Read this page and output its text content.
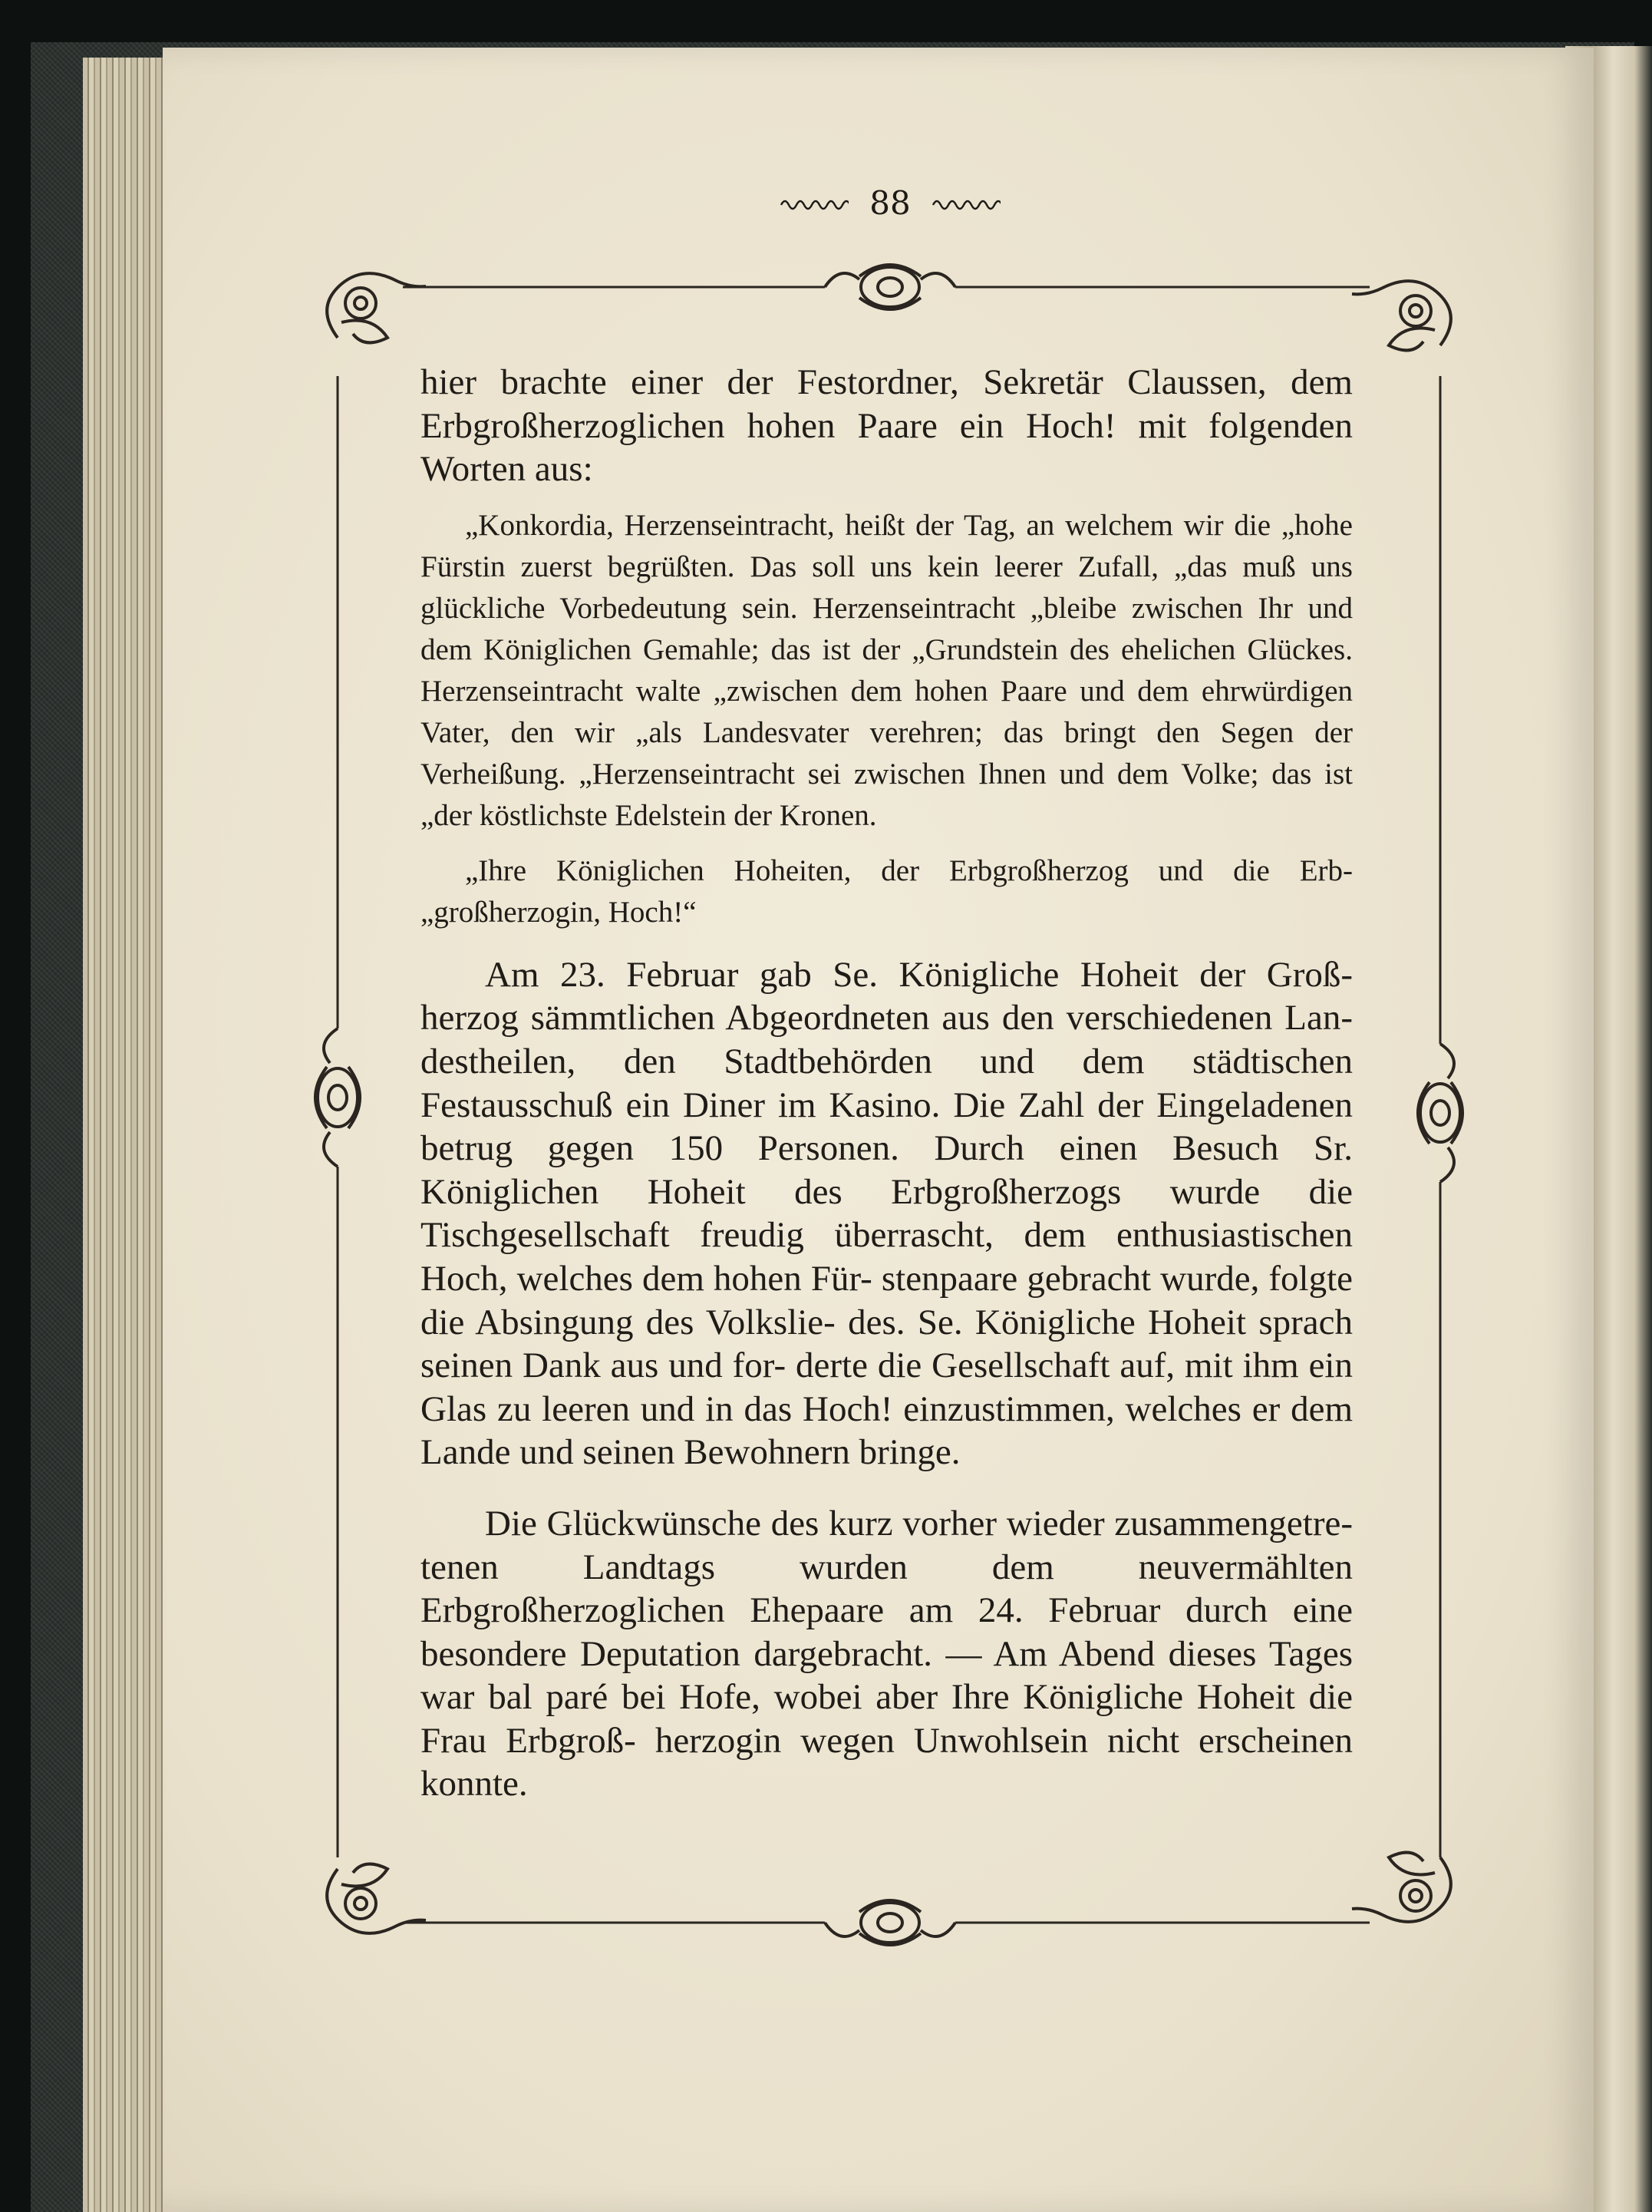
88

hier brachte einer der Festordner, Sekretär Claussen, dem Erbgroßherzoglichen hohen Paare ein Hoch! mit folgenden Worten aus:

„Konkordia, Herzenseintracht, heißt der Tag, an welchem wir die „hohe Fürstin zuerst begrüßten. Das soll uns kein leerer Zufall, „das muß uns glückliche Vorbedeutung sein. Herzenseintracht „bleibe zwischen Ihr und dem Königlichen Gemahle; das ist der „Grundstein des ehelichen Glückes. Herzenseintracht walte „zwischen dem hohen Paare und dem ehrwürdigen Vater, den wir „als Landesvater verehren; das bringt den Segen der Verheißung. „Herzenseintracht sei zwischen Ihnen und dem Volke; das ist „der köstlichste Edelstein der Kronen.

„Ihre Königlichen Hoheiten, der Erbgroßherzog und die Erb- „großherzogin, Hoch!“

Am 23. Februar gab Se. Königliche Hoheit der Groß- herzog sämmtlichen Abgeordneten aus den verschiedenen Lan- destheilen, den Stadtbehörden und dem städtischen Festausschuß ein Diner im Kasino. Die Zahl der Eingeladenen betrug gegen 150 Personen. Durch einen Besuch Sr. Königlichen Hoheit des Erbgroßherzogs wurde die Tischgesellschaft freudig überrascht, dem enthusiastischen Hoch, welches dem hohen Für- stenpaare gebracht wurde, folgte die Absingung des Volkslie- des. Se. Königliche Hoheit sprach seinen Dank aus und for- derte die Gesellschaft auf, mit ihm ein Glas zu leeren und in das Hoch! einzustimmen, welches er dem Lande und seinen Bewohnern bringe.

Die Glückwünsche des kurz vorher wieder zusammengetre- tenen Landtags wurden dem neuvermählten Erbgroßherzoglichen Ehepaare am 24. Februar durch eine besondere Deputation dargebracht. — Am Abend dieses Tages war bal paré bei Hofe, wobei aber Ihre Königliche Hoheit die Frau Erbgroß- herzogin wegen Unwohlsein nicht erscheinen konnte.
